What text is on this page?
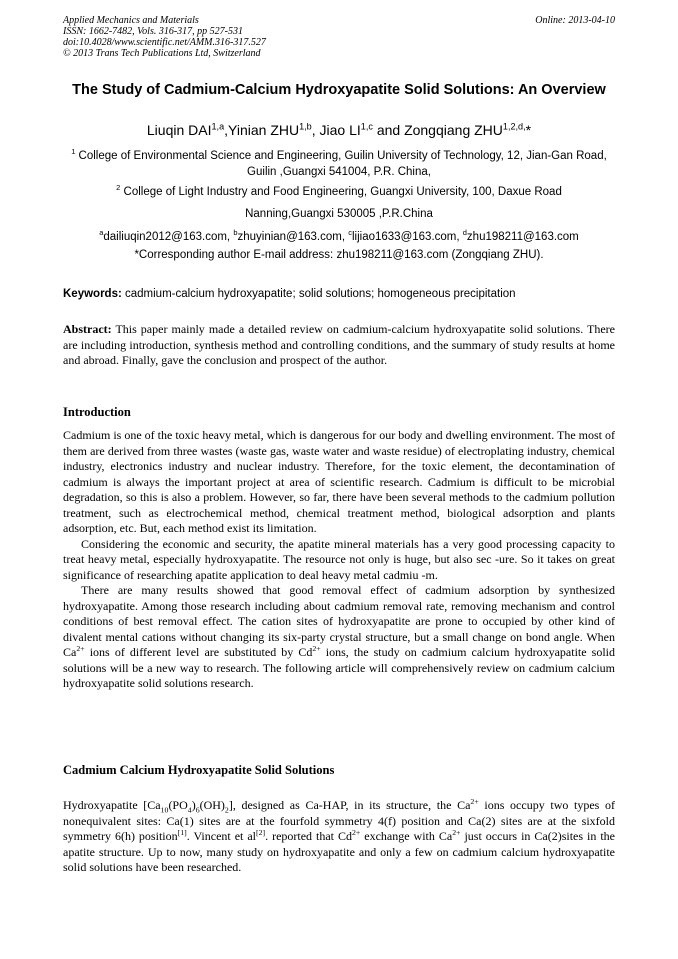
Applied Mechanics and Materials	Online: 2013-04-10
ISSN: 1662-7482, Vols. 316-317, pp 527-531
doi:10.4028/www.scientific.net/AMM.316-317.527
© 2013 Trans Tech Publications Ltd, Switzerland
The Study of Cadmium-Calcium Hydroxyapatite Solid Solutions: An Overview
Liuqin DAI$^{1,a}$,Yinian ZHU$^{1,b}$, Jiao LI$^{1,c}$ and Zongqiang $ZHU^{1,2,d,}*$
$^1$ College of Environmental Science and Engineering, Guilin University of Technology, 12, Jian-Gan Road, Guilin ,Guangxi 541004, P.R. China,
$^2$ College of Light Industry and Food Engineering, Guangxi University, 100, Daxue Road
Nanning,Guangxi 530005 ,P.R.China
$^a$dailiuqin2012@163.com, $^b$zhuyinian@163.com, $^c$lijiao1633@163.com, $^d$zhu198211@163.com
*Corresponding author E-mail address: zhu198211@163.com (Zongqiang ZHU).
Keywords: cadmium-calcium hydroxyapatite; solid solutions; homogeneous precipitation
Abstract: This paper mainly made a detailed review on cadmium-calcium hydroxyapatite solid solutions. There are including introduction, synthesis method and controlling conditions, and the summary of study results at home and abroad. Finally, gave the conclusion and prospect of the author.
Introduction

Cadmium is one of the toxic heavy metal, which is dangerous for our body and dwelling environment. The most of them are derived from three wastes (waste gas, waste water and waste residue) of electroplating industry, chemical industry, electronics industry and nuclear industry. Therefore, for the toxic element, the decontamination of cadmium is always the important project at area of scientific research. Cadmium is difficult to be microbial degradation, so this is also a problem. However, so far, there have been several methods to the cadmium pollution treatment, such as electrochemical method, chemical treatment method, biological adsorption and plants adsorption, etc. But, each method exist its limitation.

Considering the economic and security, the apatite mineral materials has a very good processing capacity to treat heavy metal, especially hydroxyapatite. The resource not only is huge, but also sec -ure. So it takes on great significance of researching apatite application to deal heavy metal cadmiu -m.

There are many results showed that good removal effect of cadmium adsorption by synthesized hydroxyapatite. Among those research including about cadmium removal rate, removing mechanism and control conditions of best removal effect. The cation sites of hydroxyapatite are prone to occupied by other kind of divalent mental cations without changing its six-party crystal structure, but a small change on bond angle. When $Ca^{2+}$ ions of different level are substituted by $Cd^{2+}$ ions, the study on cadmium calcium hydroxyapatite solid solutions will be a new way to research. The following article will comprehensively review on cadmium calcium hydroxyapatite solid solutions research.

Cadmium Calcium Hydroxyapatite Solid Solutions

Hydroxyapatite $[Ca_{10}(PO_4)_6(OH)_2]$, designed as Ca-HAP, in its structure, the $Ca^{2+}$ ions occupy two types of nonequivalent sites: Ca(1) sites are at the fourfold symmetry 4(f) position and Ca(2) sites are at the sixfold symmetry 6(h) position[1]. Vincent et al[2]. reported that $Cd^{2+}$ exchange with $Ca^{2+}$ just occurs in Ca(2)sites in the apatite structure. Up to now, many study on hydroxyapatite and only a few on cadmium calcium hydroxyapatite solid solutions have been researched.
